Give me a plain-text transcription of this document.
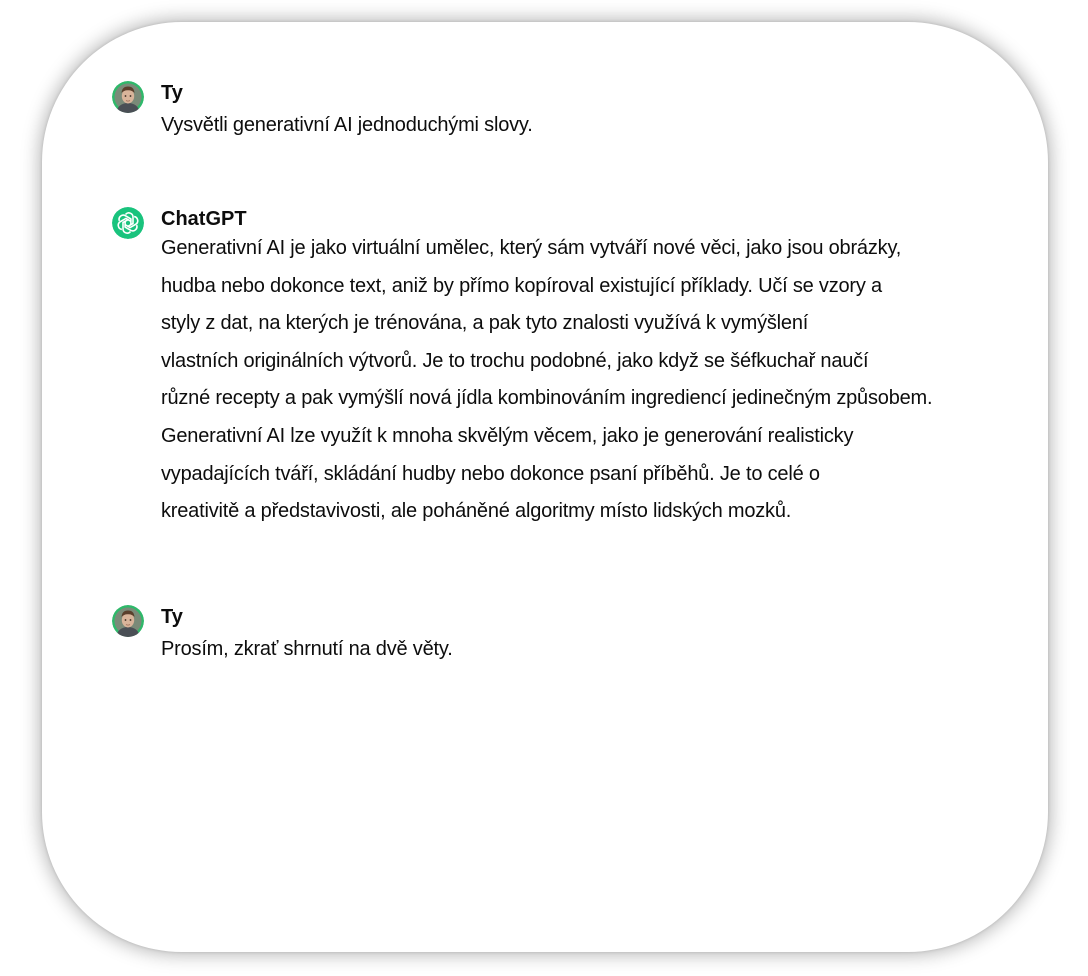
Ty
Vysvětli generativní AI jednoduchými slovy.
ChatGPT
Generativní AI je jako virtuální umělec, který sám vytváří nové věci, jako jsou obrázky,
hudba nebo dokonce text, aniž by přímo kopíroval existující příklady. Učí se vzory a
styly z dat, na kterých je trénována, a pak tyto znalosti využívá k vymýšlení
vlastních originálních výtvorů. Je to trochu podobné, jako když se šéfkuchař naučí
různé recepty a pak vymýšlí nová jídla kombinováním ingrediencí jedinečným způsobem.
Generativní AI lze využít k mnoha skvělým věcem, jako je generování realisticky
vypadajících tváří, skládání hudby nebo dokonce psaní příběhů. Je to celé o
kreativitě a představivosti, ale poháněné algoritmy místo lidských mozků.
Ty
Prosím, zkrať shrnutí na dvě věty.
